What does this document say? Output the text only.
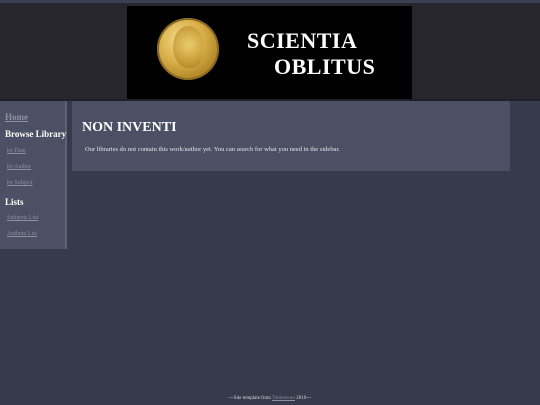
SCIENTIA
OBLITUS
Home
Browse Library
by Date
by Author
by Subject
Lists
Subjects List
Authors List
NON INVENTI

Our libraries do not contain this work/author yet. You can search for what you need in the sidebar.

---Site template from Tomorrows 2019---
